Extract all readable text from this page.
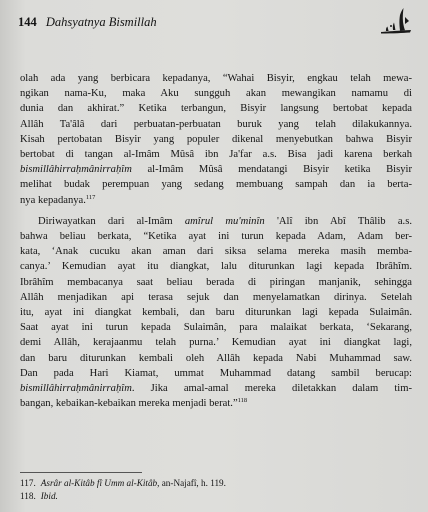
144 Dahsyatnya Bismillah
olah ada yang berbicara kepadanya, “Wahai Bisyir, engkau telah mewa-
ngikan nama-Ku, maka Aku sungguh akan mewangikan namamu di
dunia dan akhirat.” Ketika terbangun, Bisyir langsung bertobat kepada
Allâh Ta'âlâ dari perbuatan-perbuatan buruk yang telah dilakukannya.
Kisah pertobatan Bisyir yang populer dikenal menyebutkan bahwa Bisyir
bertobat di tangan al-Imâm Mûsâ ibn Ja'far a.s. Bisa jadi karena berkah
bismillâhirraḥmânirraḥîm al-Imâm Mûsâ mendatangi Bisyir ketika Bisyir
melihat budak perempuan yang sedang membuang sampah dan ia berta-
nya kepadanya.$^{117}$
Diriwayatkan dari al-Imâm amîrul mu'minîn 'Alî ibn Abî Thâlib a.s.
bahwa beliau berkata, “Ketika ayat ini turun kepada Adam, Adam ber-
kata, ‘Anak cucuku akan aman dari siksa selama mereka masih memba-
canya.’ Kemudian ayat itu diangkat, lalu diturunkan lagi kepada Ibrâhîm.
Ibrâhîm membacanya saat beliau berada di piringan manjanik, sehingga
Allâh menjadikan api terasa sejuk dan menyelamatkan dirinya. Setelah
itu, ayat ini diangkat kembali, dan baru diturunkan lagi kepada Sulaimân.
Saat ayat ini turun kepada Sulaimân, para malaikat berkata, ‘Sekarang,
demi Allâh, kerajaanmu telah purna.’ Kemudian ayat ini diangkat lagi,
dan baru diturunkan kembali oleh Allâh kepada Nabi Muhammad saw.
Dan pada Hari Kiamat, ummat Muhammad datang sambil berucap:
bismillâhirraḥmânirraḥîm. Jika amal-amal mereka diletakkan dalam tim-
bangan, kebaikan-kebaikan mereka menjadi berat.”$^{118}$
117. Asrâr al-Kitâb fî Umm al-Kitâb, an-Najafî, h. 119.
118. Ibid.
